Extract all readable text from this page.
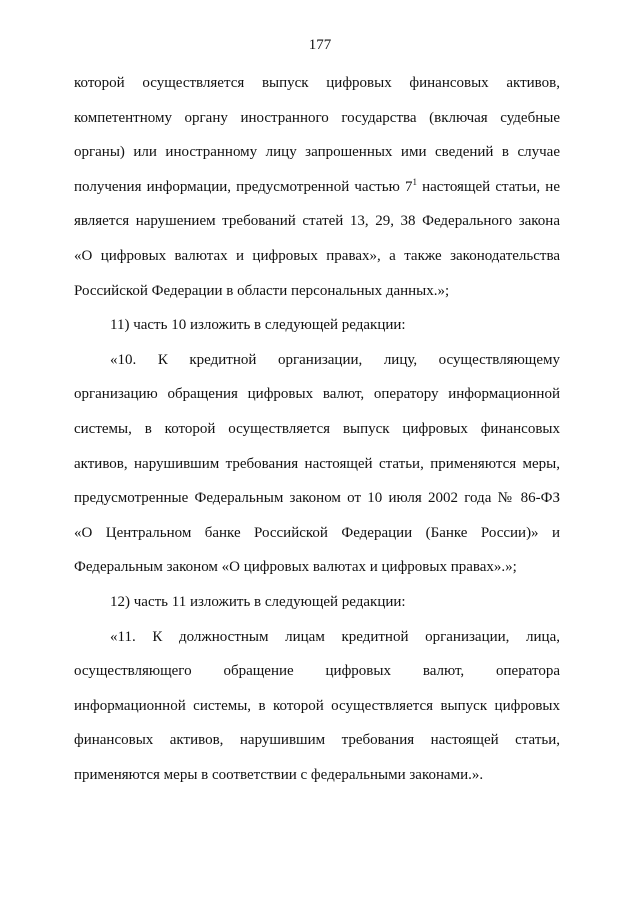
177
которой осуществляется выпуск цифровых финансовых активов,
компетентному органу иностранного государства (включая судебные
органы) или иностранному лицу запрошенных ими сведений в случае
получения информации, предусмотренной частью $7^1$ настоящей статьи, не
является нарушением требований статей 13, 29, 38 Федерального закона
«О цифровых валютах и цифровых правах», а также законодательства
Российской Федерации в области персональных данных.»;
11) часть 10 изложить в следующей редакции:
«10. К кредитной организации, лицу, осуществляющему
организацию обращения цифровых валют, оператору информационной
системы, в которой осуществляется выпуск цифровых финансовых
активов, нарушившим требования настоящей статьи, применяются меры,
предусмотренные Федеральным законом от 10 июля 2002 года № 86-ФЗ
«О Центральном банке Российской Федерации (Банке России)» и
Федеральным законом «О цифровых валютах и цифровых правах».»;
12) часть 11 изложить в следующей редакции:
«11. К должностным лицам кредитной организации, лица,
осуществляющего обращение цифровых валют, оператора
информационной системы, в которой осуществляется выпуск цифровых
финансовых активов, нарушившим требования настоящей статьи,
применяются меры в соответствии с федеральными законами.».
